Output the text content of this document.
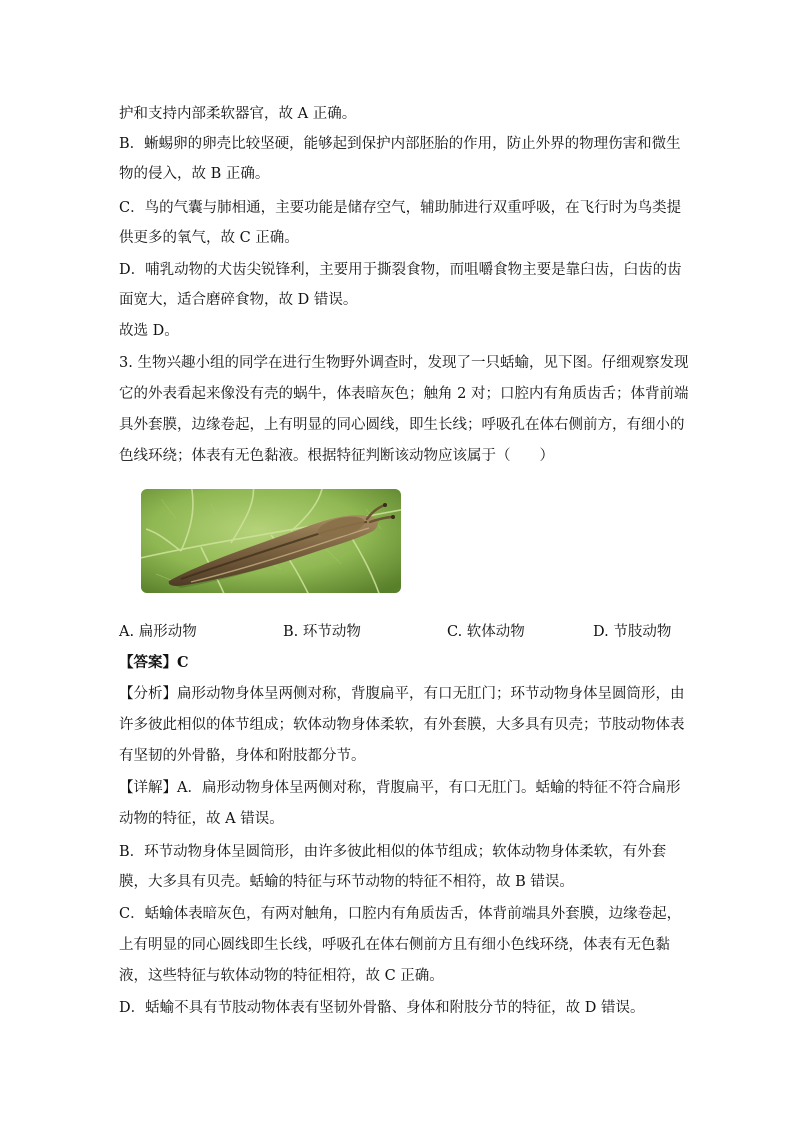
护和支持内部柔软器官，故 A 正确。
B．蜥蜴卵的卵壳比较坚硬，能够起到保护内部胚胎的作用，防止外界的物理伤害和微生
物的侵入，故 B 正确。
C．鸟的气囊与肺相通，主要功能是储存空气，辅助肺进行双重呼吸，在飞行时为鸟类提
供更多的氧气，故 C 正确。
D．哺乳动物的犬齿尖锐锋利，主要用于撕裂食物，而咀嚼食物主要是靠臼齿，臼齿的齿
面宽大，适合磨碎食物，故 D 错误。
故选 D。
3. 生物兴趣小组的同学在进行生物野外调查时，发现了一只蛞蝓，见下图。仔细观察发现
它的外表看起来像没有壳的蜗牛，体表暗灰色；触角 2 对；口腔内有角质齿舌；体背前端
具外套膜，边缘卷起，上有明显的同心圆线，即生长线；呼吸孔在体右侧前方，有细小的
色线环绕；体表有无色黏液。根据特征判断该动物应该属于（　　）
A. 扁形动物	B. 环节动物	C. 软体动物	D. 节肢动物
【答案】C
【分析】扁形动物身体呈两侧对称，背腹扁平，有口无肛门；环节动物身体呈圆筒形，由
许多彼此相似的体节组成；软体动物身体柔软，有外套膜，大多具有贝壳；节肢动物体表
有坚韧的外骨骼，身体和附肢都分节。
【详解】A．扁形动物身体呈两侧对称，背腹扁平，有口无肛门。蛞蝓的特征不符合扁形
动物的特征，故 A 错误。
B．环节动物身体呈圆筒形，由许多彼此相似的体节组成；软体动物身体柔软，有外套
膜，大多具有贝壳。蛞蝓的特征与环节动物的特征不相符，故 B 错误。
C．蛞蝓体表暗灰色，有两对触角，口腔内有角质齿舌，体背前端具外套膜，边缘卷起，
上有明显的同心圆线即生长线，呼吸孔在体右侧前方且有细小色线环绕，体表有无色黏
液，这些特征与软体动物的特征相符，故 C 正确。
D．蛞蝓不具有节肢动物体表有坚韧外骨骼、身体和附肢分节的特征，故 D 错误。
